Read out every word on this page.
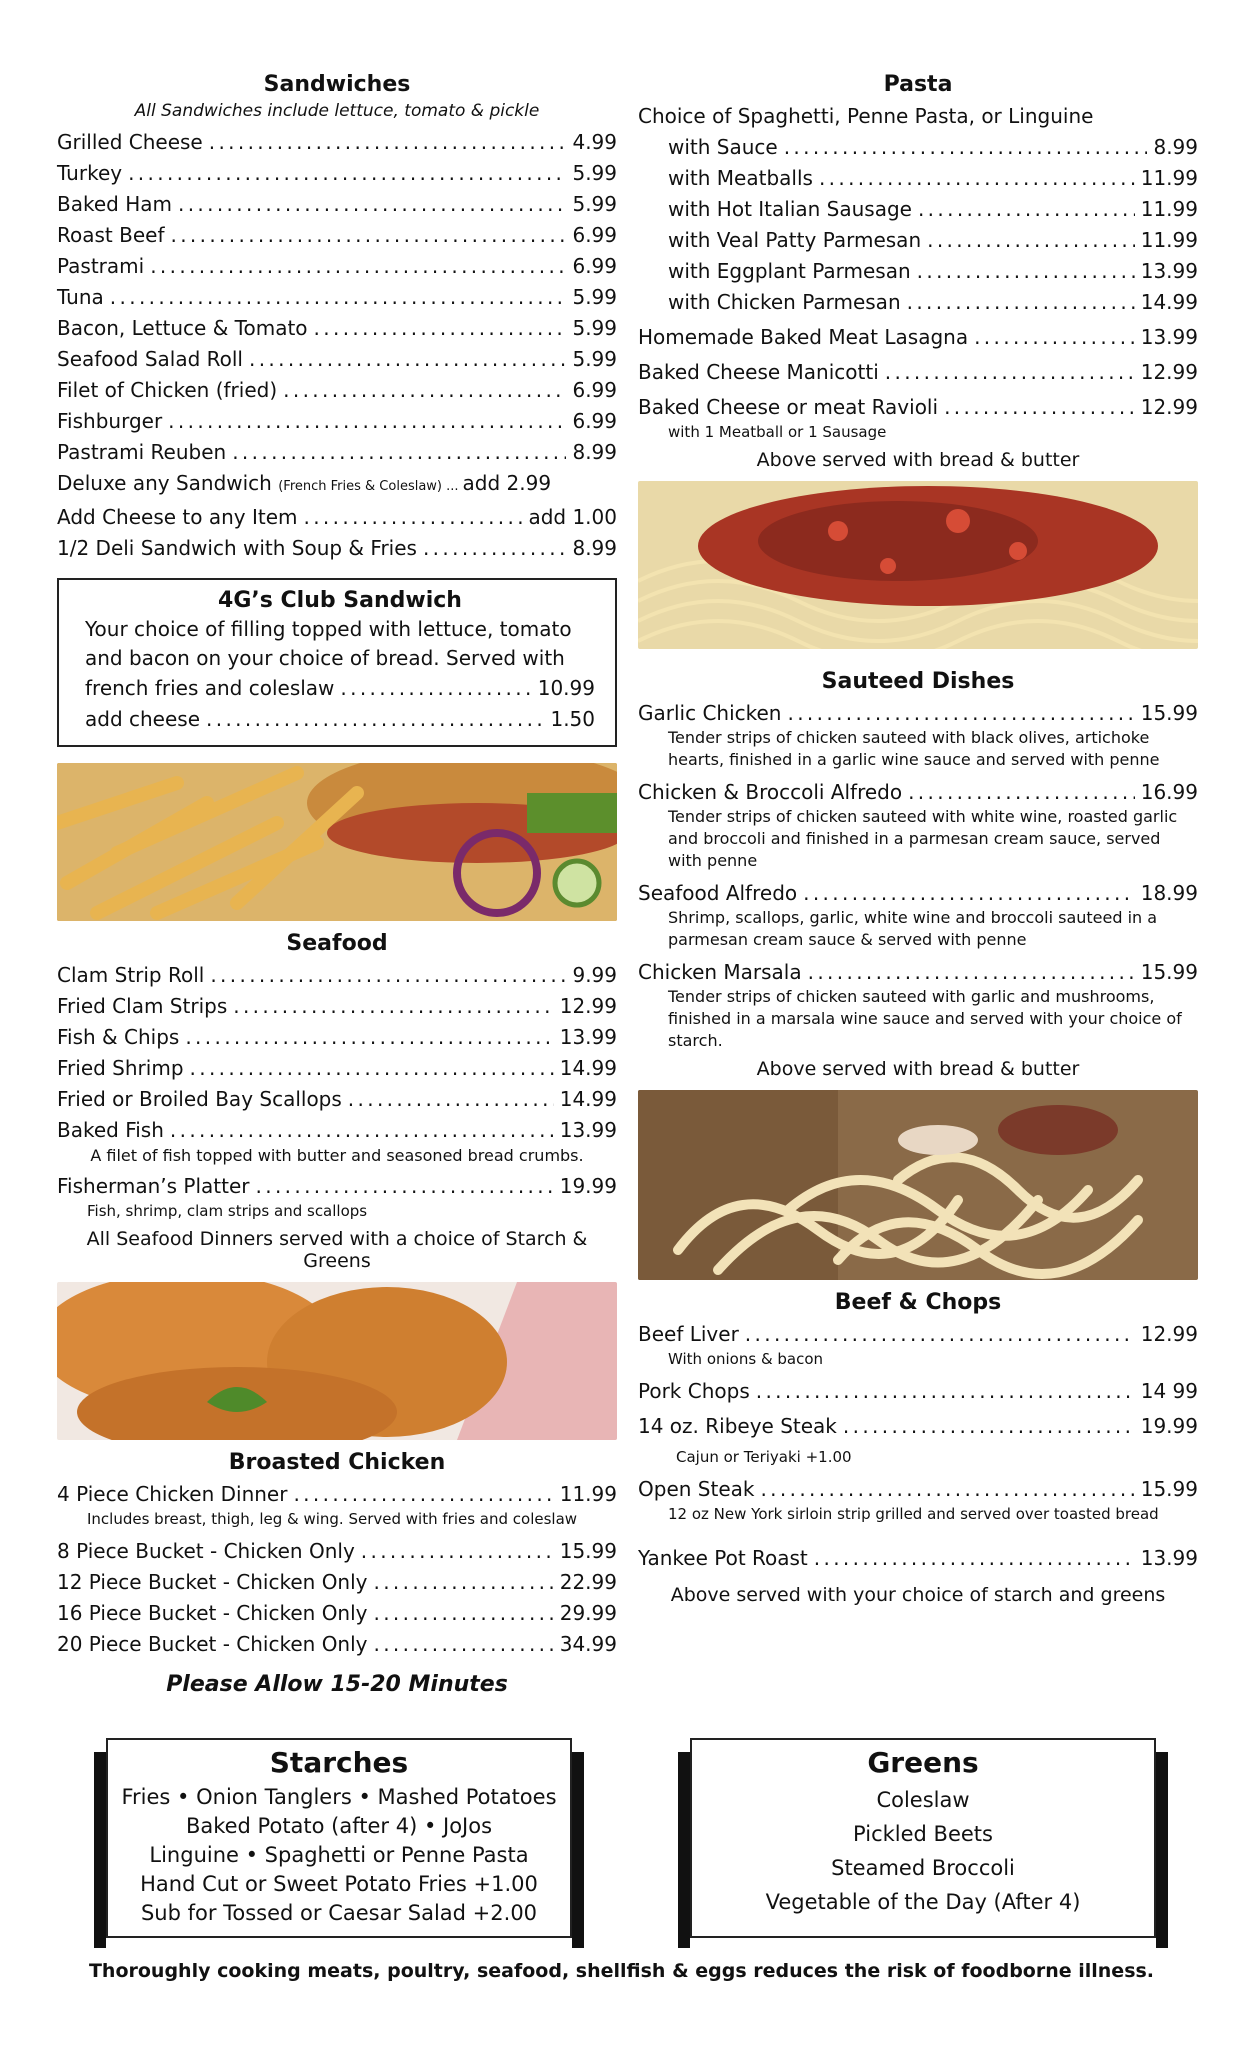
Sandwiches
All Sandwiches include lettuce, tomato & pickle
Grilled Cheese . . .	4.99
Turkey . . .	5.99
Baked Ham . . .	5.99
Roast Beef . . .	6.99
Pastrami . . .	6.99
Tuna . . .	5.99
Bacon, Lettuce & Tomato . . .	5.99
Seafood Salad Roll . . .	5.99
Filet of Chicken (fried) . . .	6.99
Fishburger . . .	6.99
Pastrami Reuben . . .	8.99
Deluxe any Sandwich
(French Fries & Coleslaw) ... add 2.99
Add Cheese to any Item . . .	add 1.00
1/2 Deli Sandwich with Soup & Fries . . .	8.99
4G’s Club Sandwich

Your choice of filling topped with lettuce, tomato

and bacon on your choice of bread. Served with

french fries and coleslaw . . .	10.99
add cheese . . .	1.50
Seafood
Clam Strip Roll . . .	9.99
Fried Clam Strips . . .	12.99
Fish & Chips . . .	13.99
Fried Shrimp . . .	14.99
Fried or Broiled Bay Scallops . . .	14.99
Baked Fish . . .	13.99
A filet of fish topped with butter and seasoned bread crumbs.
Fisherman’s Platter . . .	19.99
Fish, shrimp, clam strips and scallops
All Seafood Dinners served with a choice of Starch & Greens
Broasted Chicken
4 Piece Chicken Dinner . . .	11.99
Includes breast, thigh, leg & wing. Served with fries and coleslaw
8 Piece Bucket - Chicken Only . . .	15.99
12 Piece Bucket - Chicken Only . . .	22.99
16 Piece Bucket - Chicken Only . . .	29.99
20 Piece Bucket - Chicken Only . . .	34.99
Please Allow 15-20 Minutes
Pasta
Choice of Spaghetti, Penne Pasta, or Linguine
with Sauce . . .	8.99
with Meatballs . . .	11.99
with Hot Italian Sausage . . .	11.99
with Veal Patty Parmesan . . .	11.99
with Eggplant Parmesan . . .	13.99
with Chicken Parmesan . . .	14.99
Homemade Baked Meat Lasagna . . .	13.99
Baked Cheese Manicotti . . .	12.99
Baked Cheese or meat Ravioli . . .	12.99
with 1 Meatball or 1 Sausage
Above served with bread & butter
Sauteed Dishes
Garlic Chicken . . .	15.99
Tender strips of chicken sauteed with black olives, artichoke hearts, finished in a garlic wine sauce and served with penne
Chicken & Broccoli Alfredo . . .	16.99
Tender strips of chicken sauteed with white wine, roasted garlic and broccoli and finished in a parmesan cream sauce, served with penne
Seafood Alfredo . . .	18.99
Shrimp, scallops, garlic, white wine and broccoli sauteed in a parmesan cream sauce & served with penne
Chicken Marsala . . .	15.99
Tender strips of chicken sauteed with garlic and mushrooms, finished in a marsala wine sauce and served with your choice of starch.
Above served with bread & butter
Beef & Chops
Beef Liver . . .	12.99
With onions & bacon
Pork Chops . . .	14 99
14 oz. Ribeye Steak . . .	19.99
Cajun or Teriyaki +1.00
Open Steak . . .	15.99
12 oz New York sirloin strip grilled and served over toasted bread
Yankee Pot Roast . . .	13.99
Above served with your choice of starch and greens
Starches
Fries • Onion Tanglers • Mashed Potatoes
Baked Potato (after 4) • JoJos
Linguine • Spaghetti or Penne Pasta
Hand Cut or Sweet Potato Fries +1.00
Sub for Tossed or Caesar Salad +2.00
Greens
Coleslaw
Pickled Beets
Steamed Broccoli
Vegetable of the Day (After 4)
Thoroughly cooking meats, poultry, seafood, shellfish & eggs reduces the risk of foodborne illness.
